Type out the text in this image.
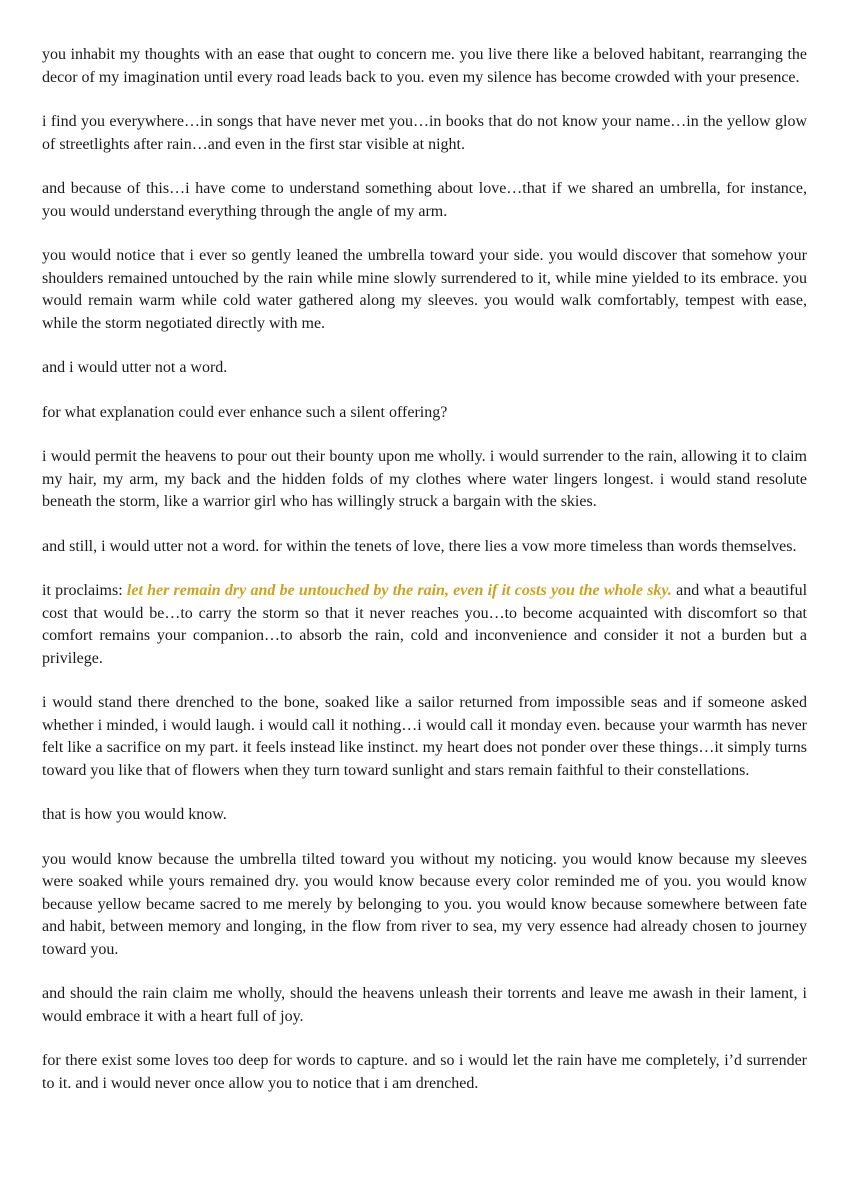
you inhabit my thoughts with an ease that ought to concern me. you live there like a beloved habitant, rearranging the decor of my imagination until every road leads back to you. even my silence has become crowded with your presence.

i find you everywhere…in songs that have never met you…in books that do not know your name…in the yellow glow of streetlights after rain…and even in the first star visible at night.

and because of this…i have come to understand something about love…that if we shared an umbrella, for instance, you would understand everything through the angle of my arm.

you would notice that i ever so gently leaned the umbrella toward your side. you would discover that somehow your shoulders remained untouched by the rain while mine slowly surrendered to it, while mine yielded to its embrace. you would remain warm while cold water gathered along my sleeves. you would walk comfortably, tempest with ease, while the storm negotiated directly with me.

and i would utter not a word.

for what explanation could ever enhance such a silent offering?

i would permit the heavens to pour out their bounty upon me wholly. i would surrender to the rain, allowing it to claim my hair, my arm, my back and the hidden folds of my clothes where water lingers longest. i would stand resolute beneath the storm, like a warrior girl who has willingly struck a bargain with the skies.

and still, i would utter not a word. for within the tenets of love, there lies a vow more timeless than words themselves.

it proclaims: let her remain dry and be untouched by the rain, even if it costs you the whole sky. and what a beautiful cost that would be…to carry the storm so that it never reaches you…to become acquainted with discomfort so that comfort remains your companion…to absorb the rain, cold and inconvenience and consider it not a burden but a privilege.

i would stand there drenched to the bone, soaked like a sailor returned from impossible seas and if someone asked whether i minded, i would laugh. i would call it nothing…i would call it monday even. because your warmth has never felt like a sacrifice on my part. it feels instead like instinct. my heart does not ponder over these things…it simply turns toward you like that of flowers when they turn toward sunlight and stars remain faithful to their constellations.

that is how you would know.

you would know because the umbrella tilted toward you without my noticing. you would know because my sleeves were soaked while yours remained dry. you would know because every color reminded me of you. you would know because yellow became sacred to me merely by belonging to you. you would know because somewhere between fate and habit, between memory and longing, in the flow from river to sea, my very essence had already chosen to journey toward you.

and should the rain claim me wholly, should the heavens unleash their torrents and leave me awash in their lament, i would embrace it with a heart full of joy.

for there exist some loves too deep for words to capture. and so i would let the rain have me completely, i’d surrender to it. and i would never once allow you to notice that i am drenched.
